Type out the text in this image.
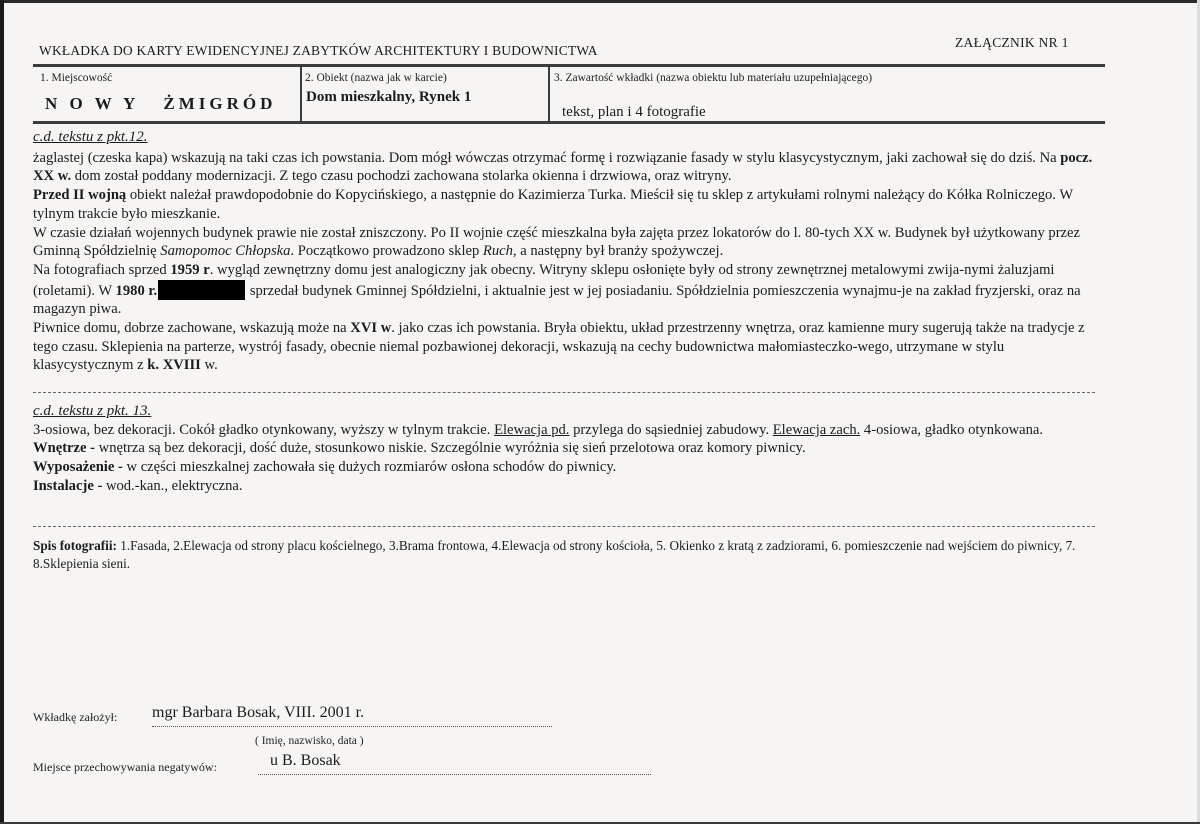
WKŁADKA DO KARTY EWIDENCYJNEJ ZABYTKÓW ARCHITEKTURY I BUDOWNICTWA
ZAŁĄCZNIK NR 1
1. Miejscowość
N O W Y   ŻMIGRÓD
2. Obiekt (nazwa jak w karcie)
Dom mieszkalny, Rynek 1
3. Zawartość wkładki (nazwa obiektu lub materiału uzupełniającego)
tekst, plan i 4 fotografie
c.d. tekstu z pkt.12.
żaglastej (czeska kapa) wskazują na taki czas ich powstania. Dom mógł wówczas otrzymać formę i rozwiązanie fasady w stylu klasycystycznym, jaki zachował się do dziś. Na pocz. XX w. dom został poddany modernizacji. Z tego czasu pochodzi zachowana stolarka okienna i drzwiowa, oraz witryny.
Przed II wojną obiekt należał prawdopodobnie do Kopycińskiego, a następnie do Kazimierza Turka. Mieścił się tu sklep z artykułami rolnymi należący do Kółka Rolniczego. W tylnym trakcie było mieszkanie.
W czasie działań wojennych budynek prawie nie został zniszczony. Po II wojnie część mieszkalna była zajęta przez lokatorów do l. 80-tych XX w. Budynek był użytkowany przez Gminną Spółdzielnię Samopomoc Chłopska. Początkowo prowadzono sklep Ruch, a następny był branży spożywczej.
Na fotografiach sprzed 1959 r. wygląd zewnętrzny domu jest analogiczny jak obecny. Witryny sklepu osłonięte były od strony zewnętrznej metalowymi zwija-nymi żaluzjami (roletami). W 1980 r.	sprzedał budynek Gminnej Spółdzielni, i aktualnie jest w jej posiadaniu. Spółdzielnia pomieszczenia wynajmu-je na zakład fryzjerski, oraz na magazyn piwa.
Piwnice domu, dobrze zachowane, wskazują może na XVI w. jako czas ich powstania. Bryła obiektu, układ przestrzenny wnętrza, oraz kamienne mury sugerują także na tradycje z tego czasu. Sklepienia na parterze, wystrój fasady, obecnie niemal pozbawionej dekoracji, wskazują na cechy budownictwa małomiasteczko-wego, utrzymane w stylu klasycystycznym z k. XVIII w.
c.d. tekstu z pkt. 13.
3-osiowa, bez dekoracji. Cokół gładko otynkowany, wyższy w tylnym trakcie. Elewacja pd. przylega do sąsiedniej zabudowy. Elewacja zach. 4-osiowa, gładko otynkowana.
Wnętrze - wnętrza są bez dekoracji, dość duże, stosunkowo niskie. Szczególnie wyróżnia się sień przelotowa oraz komory piwnicy.
Wyposażenie - w części mieszkalnej zachowała się dużych rozmiarów osłona schodów do piwnicy.
Instalacje - wod.-kan., elektryczna.
Spis fotografii: 1.Fasada, 2.Elewacja od strony placu kościelnego, 3.Brama frontowa, 4.Elewacja od strony kościoła, 5. Okienko z kratą z zadziorami, 6. pomieszczenie nad wejściem do piwnicy, 7. 8.Sklepienia sieni.
Wkładkę założył: mgr Barbara Bosak, VIII. 2001 r.
( Imię, nazwisko, data )
Miejsce przechowywania negatywów:	u B. Bosak
